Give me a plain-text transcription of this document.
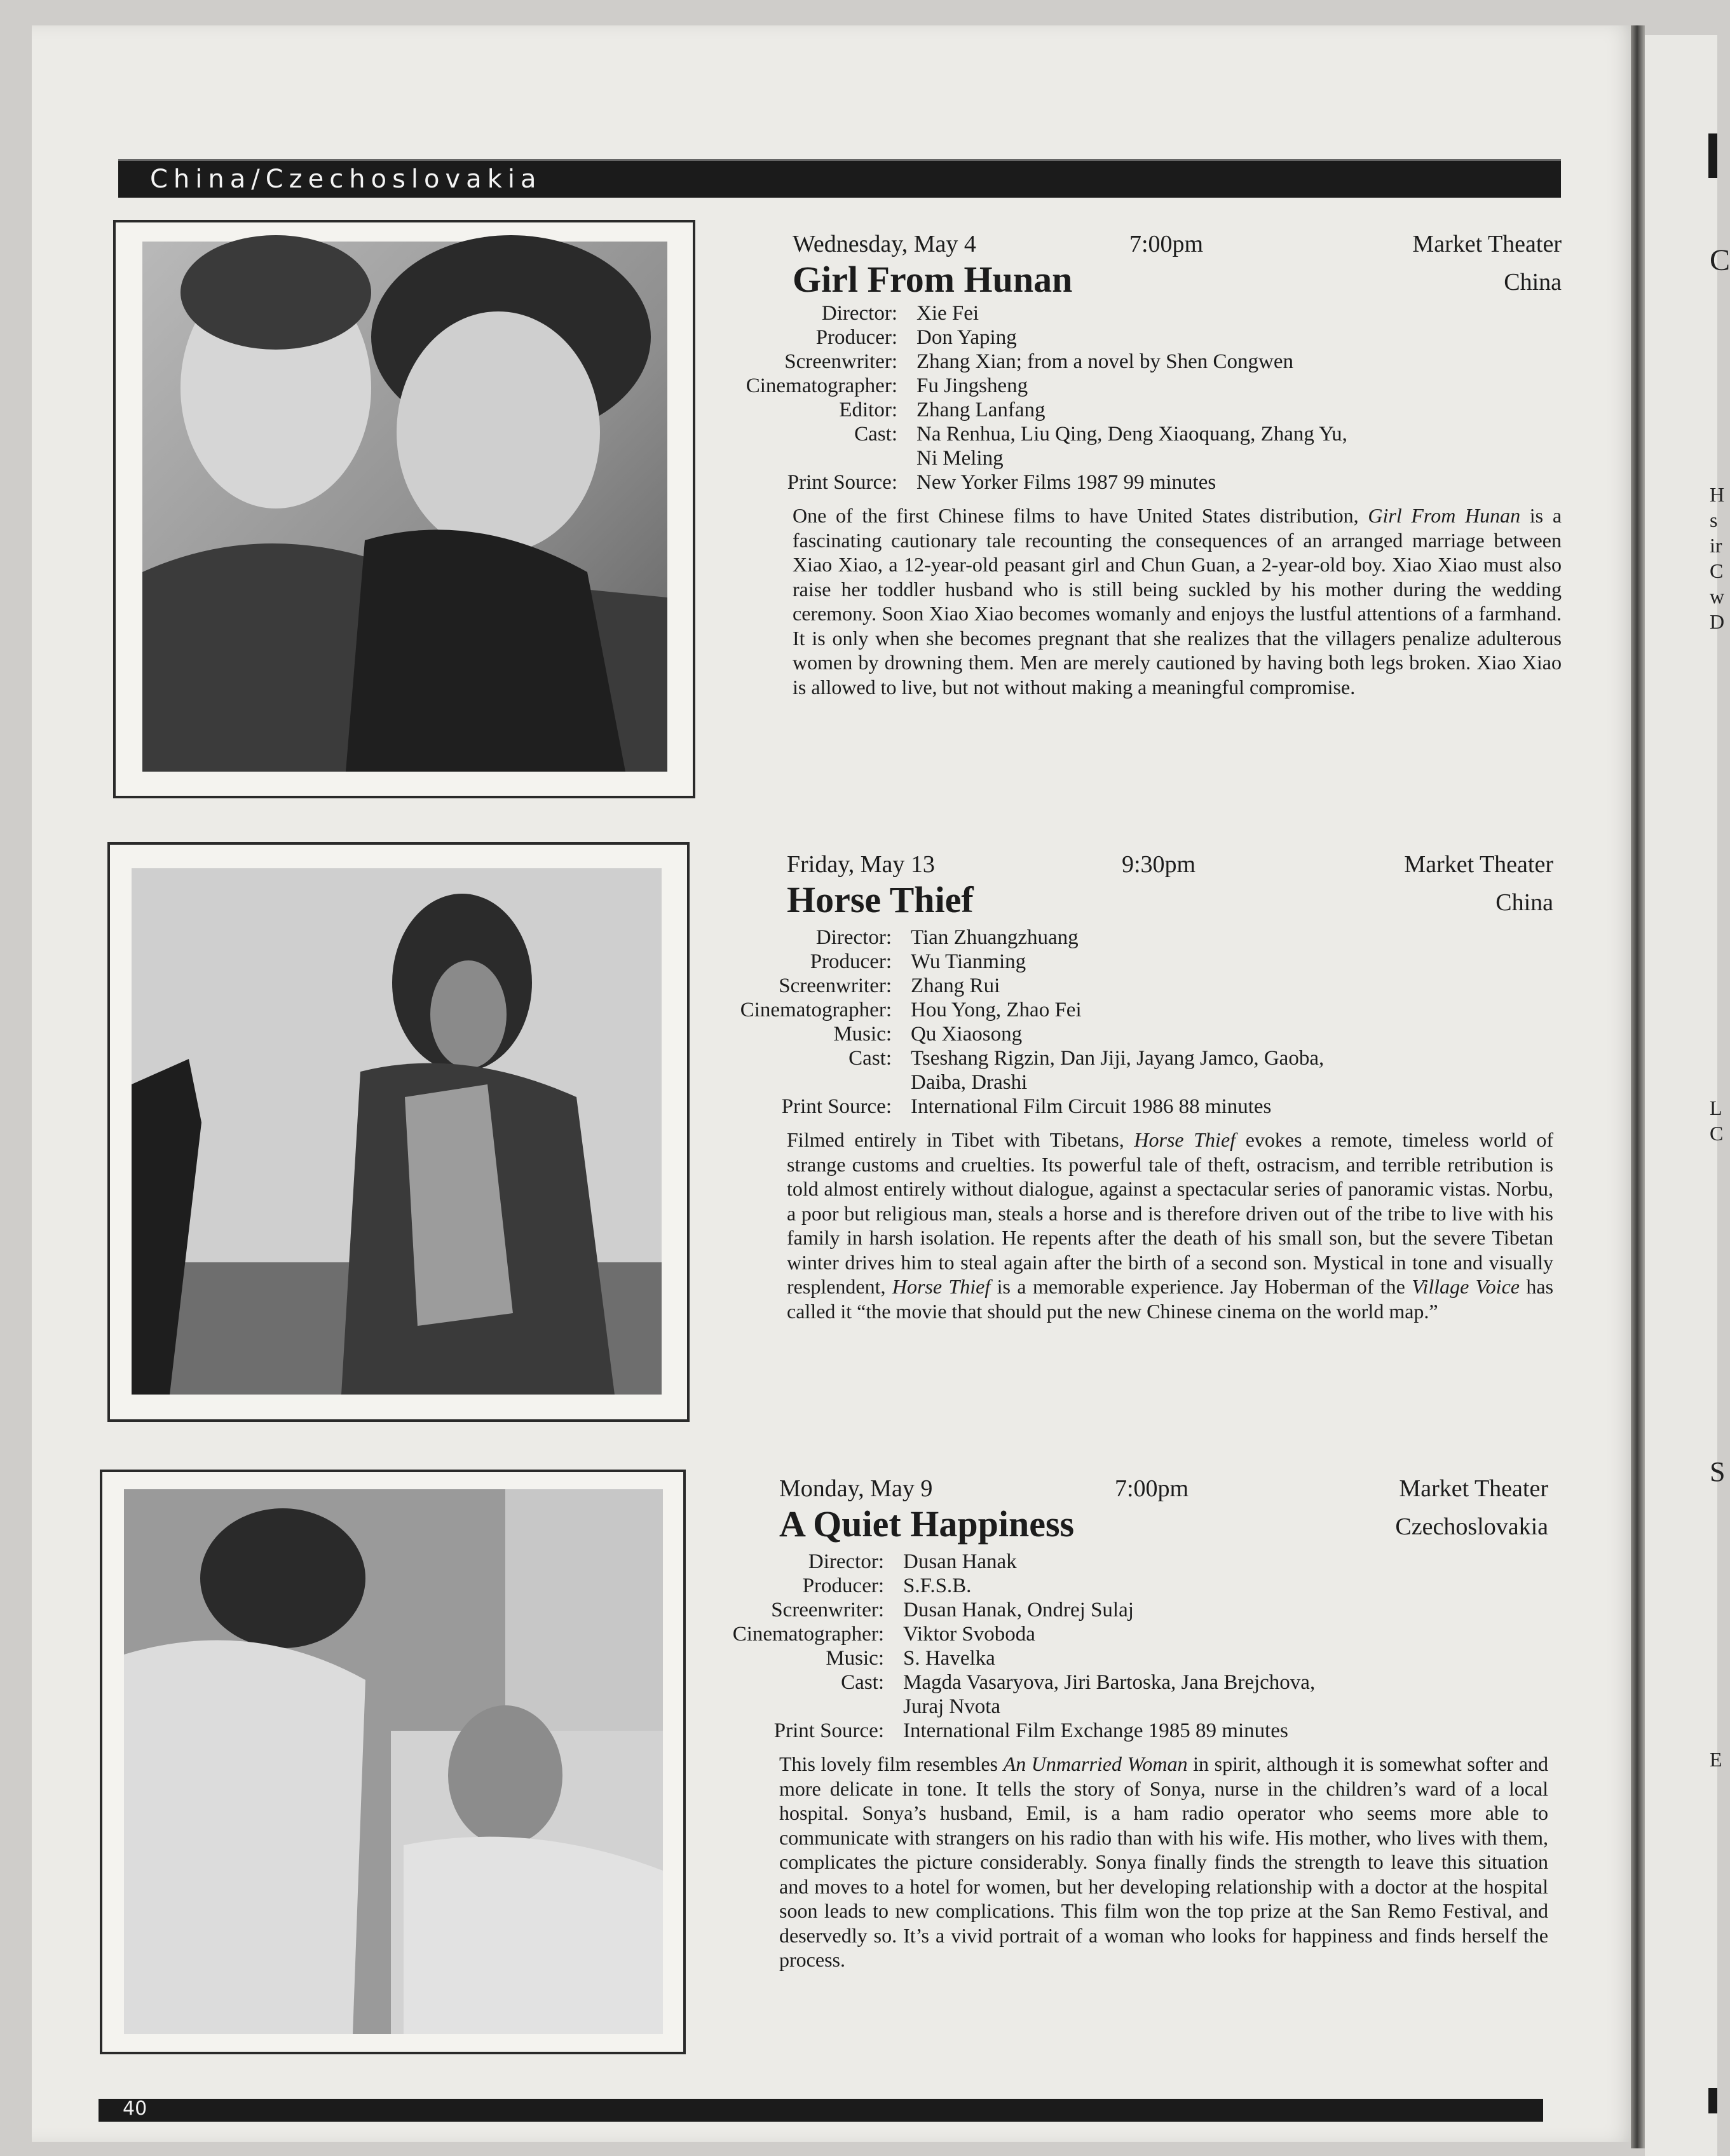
C
H
s
ir
C
w
D
L
C
S
E
China/Czechoslovakia
Wednesday, May 4	7:00pm	Market Theater
Girl From Hunan	China
Director: Xie Fei
Producer: Don Yaping
Screenwriter: Zhang Xian; from a novel by Shen Congwen
Cinematographer: Fu Jingsheng
Editor: Zhang Lanfang
Cast: Na Renhua, Liu Qing, Deng Xiaoquang, Zhang Yu,
Ni Meling
Print Source: New Yorker Films 1987 99 minutes
One of the first Chinese films to have United States distribution, Girl From Hunan is a fascinating cautionary tale recounting the consequences of an arranged marriage between Xiao Xiao, a 12-year-old peasant girl and Chun Guan, a 2-year-old boy. Xiao Xiao must also raise her toddler husband who is still being suckled by his mother during the wedding ceremony. Soon Xiao Xiao becomes womanly and enjoys the lustful attentions of a farmhand. It is only when she becomes pregnant that she realizes that the villagers penalize adulterous women by drowning them. Men are merely cautioned by having both legs broken. Xiao Xiao is allowed to live, but not without making a meaningful compromise.
Friday, May 13	9:30pm	Market Theater
Horse Thief	China
Director: Tian Zhuangzhuang
Producer: Wu Tianming
Screenwriter: Zhang Rui
Cinematographer: Hou Yong, Zhao Fei
Music: Qu Xiaosong
Cast: Tseshang Rigzin, Dan Jiji, Jayang Jamco, Gaoba,
Daiba, Drashi
Print Source: International Film Circuit 1986 88 minutes
Filmed entirely in Tibet with Tibetans, Horse Thief evokes a remote, timeless world of strange customs and cruelties. Its powerful tale of theft, ostracism, and terrible retribution is told almost entirely without dialogue, against a spectacular series of panoramic vistas. Norbu, a poor but religious man, steals a horse and is therefore driven out of the tribe to live with his family in harsh isolation. He repents after the death of his small son, but the severe Tibetan winter drives him to steal again after the birth of a second son. Mystical in tone and visually resplendent, Horse Thief is a memorable experience. Jay Hoberman of the Village Voice has called it “the movie that should put the new Chinese cinema on the world map.”
Monday, May 9	7:00pm	Market Theater
A Quiet Happiness	Czechoslovakia
Director: Dusan Hanak
Producer: S.F.S.B.
Screenwriter: Dusan Hanak, Ondrej Sulaj
Cinematographer: Viktor Svoboda
Music: S. Havelka
Cast: Magda Vasaryova, Jiri Bartoska, Jana Brejchova,
Juraj Nvota
Print Source: International Film Exchange 1985 89 minutes
This lovely film resembles An Unmarried Woman in spirit, although it is somewhat softer and more delicate in tone. It tells the story of Sonya, nurse in the children’s ward of a local hospital. Sonya’s husband, Emil, is a ham radio operator who seems more able to communicate with strangers on his radio than with his wife. His mother, who lives with them, complicates the picture considerably. Sonya finally finds the strength to leave this situation and moves to a hotel for women, but her developing relationship with a doctor at the hospital soon leads to new complications. This film won the top prize at the San Remo Festival, and deservedly so. It’s a vivid portrait of a woman who looks for happiness and finds herself the process.
40
